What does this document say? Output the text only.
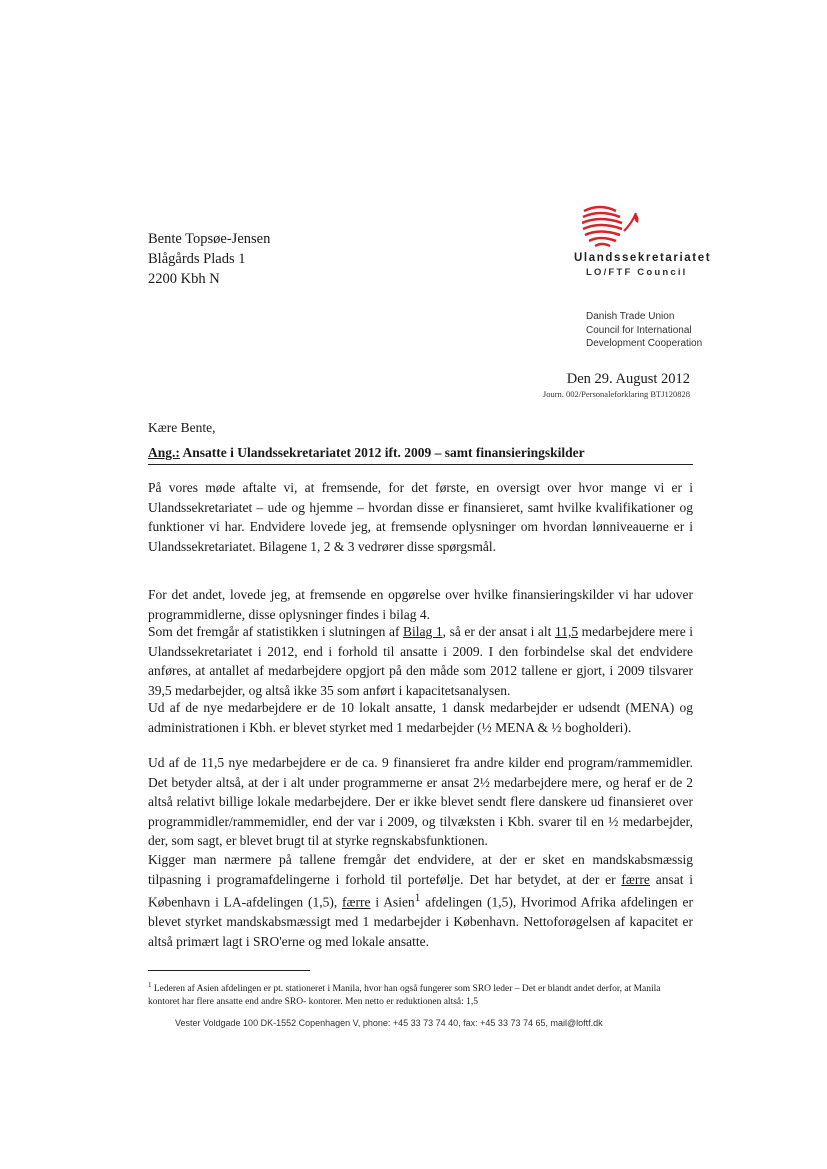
Bente Topsøe-Jensen
Blågårds Plads 1
2200 Kbh N
Ulandssekretariatet
LO/FTF Council
Danish Trade Union
Council for International
Development Cooperation
Den 29. August 2012
Journ. 002/Personaleforklaring BTJ120828
Kære Bente,
Ang.: Ansatte i Ulandssekretariatet 2012 ift. 2009 – samt finansieringskilder
På vores møde aftalte vi, at fremsende, for det første, en oversigt over hvor mange vi er i Ulandssekretariatet – ude og hjemme – hvordan disse er finansieret, samt hvilke kvalifikationer og funktioner vi har. Endvidere lovede jeg, at fremsende oplysninger om hvordan lønniveauerne er i Ulandssekretariatet. Bilagene 1, 2 & 3 vedrører disse spørgsmål.
For det andet, lovede jeg, at fremsende en opgørelse over hvilke finansieringskilder vi har udover programmidlerne, disse oplysninger findes i bilag 4.
Som det fremgår af statistikken i slutningen af Bilag 1, så er der ansat i alt 11,5 medarbejdere mere i Ulandssekretariatet i 2012, end i forhold til ansatte i 2009. I den forbindelse skal det endvidere anføres, at antallet af medarbejdere opgjort på den måde som 2012 tallene er gjort, i 2009 tilsvarer 39,5 medarbejder, og altså ikke 35 som anført i kapacitetsanalysen.
Ud af de nye medarbejdere er de 10 lokalt ansatte, 1 dansk medarbejder er udsendt (MENA) og administrationen i Kbh. er blevet styrket med 1 medarbejder (½ MENA & ½ bogholderi).
Ud af de 11,5 nye medarbejdere er de ca. 9 finansieret fra andre kilder end program/rammemidler. Det betyder altså, at der i alt under programmerne er ansat 2½ medarbejdere mere, og heraf er de 2 altså relativt billige lokale medarbejdere. Der er ikke blevet sendt flere danskere ud finansieret over programmidler/rammemidler, end der var i 2009, og tilvæksten i Kbh. svarer til en ½ medarbejder, der, som sagt, er blevet brugt til at styrke regnskabsfunktionen.
Kigger man nærmere på tallene fremgår det endvidere, at der er sket en mandskabsmæssig tilpasning i programafdelingerne i forhold til portefølje. Det har betydet, at der er færre ansat i København i LA-afdelingen (1,5), færre i Asien$^1$ afdelingen (1,5), Hvorimod Afrika afdelingen er blevet styrket mandskabsmæssigt med 1 medarbejder i København. Nettoforøgelsen af kapacitet er altså primært lagt i SRO'erne og med lokale ansatte.
$^1$ Lederen af Asien afdelingen er pt. stationeret i Manila, hvor han også fungerer som SRO leder – Det er blandt andet derfor, at Manila kontoret har flere ansatte end andre SRO- kontorer. Men netto er reduktionen altså: 1,5
Vester Voldgade 100 DK-1552 Copenhagen V, phone: +45 33 73 74 40, fax: +45 33 73 74 65, mail@loftf.dk
